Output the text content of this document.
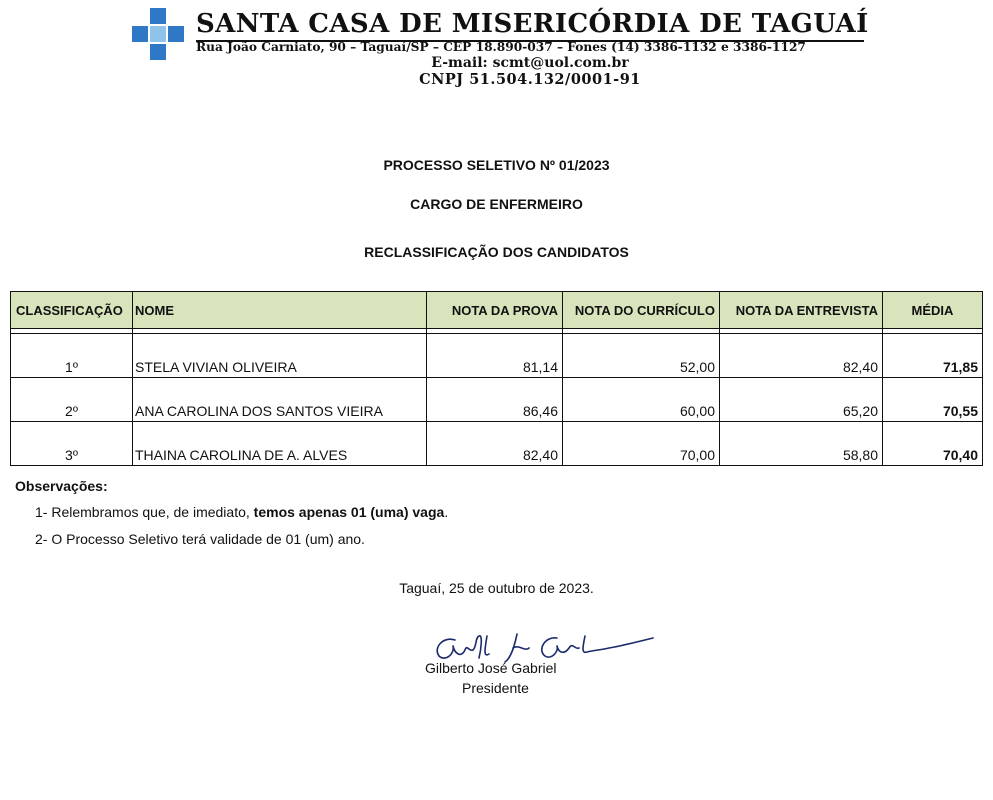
SANTA CASA DE MISERICÓRDIA DE TAGUAÍ
Rua João Carniato, 90 – Taguaí/SP – CEP 18.890-037 – Fones (14) 3386-1132 e 3386-1127
E-mail: scmt@uol.com.br
CNPJ 51.504.132/0001-91
PROCESSO SELETIVO Nº 01/2023
CARGO DE ENFERMEIRO
RECLASSIFICAÇÃO DOS CANDIDATOS
CLASSIFICAÇÃO	NOME	NOTA DA PROVA	NOTA DO CURRÍCULO	NOTA DA ENTREVISTA	MÉDIA

1º	STELA VIVIAN OLIVEIRA	81,14	52,00	82,40	71,85
2º	ANA CAROLINA DOS SANTOS VIEIRA	86,46	60,00	65,20	70,55
3º	THAINA CAROLINA DE A. ALVES	82,40	70,00	58,80	70,40
Observações:
1- Relembramos que, de imediato, temos apenas 01 (uma) vaga.
2- O Processo Seletivo terá validade de 01 (um) ano.
Taguaí, 25 de outubro de 2023.
Gilberto José Gabriel
Presidente
